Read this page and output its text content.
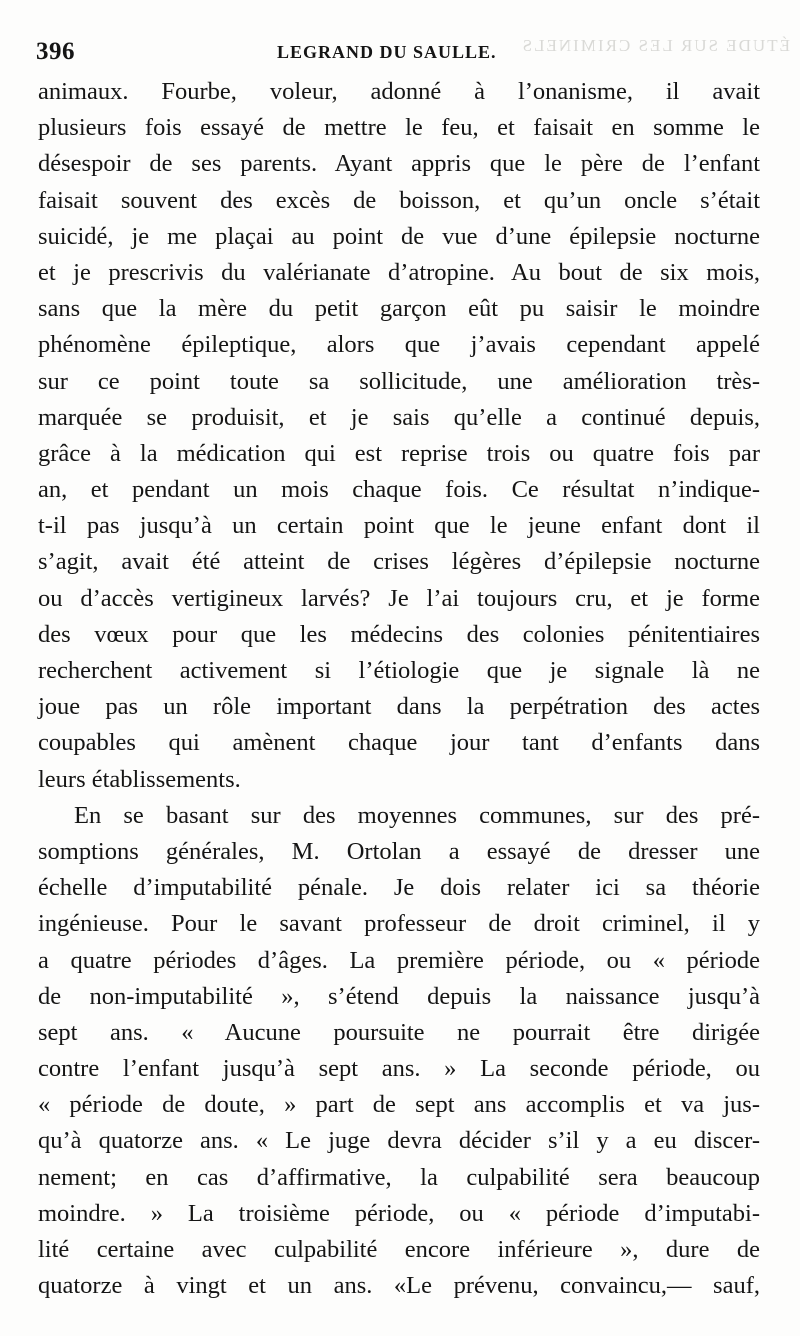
ÉTUDE SUR LES CRIMINELS
396	LEGRAND DU SAULLE.
animaux. Fourbe, voleur, adonné à l’onanisme, il avait
plusieurs fois essayé de mettre le feu, et faisait en somme le
désespoir de ses parents. Ayant appris que le père de l’enfant
faisait souvent des excès de boisson, et qu’un oncle s’était
suicidé, je me plaçai au point de vue d’une épilepsie nocturne
et je prescrivis du valérianate d’atropine. Au bout de six mois,
sans que la mère du petit garçon eût pu saisir le moindre
phénomène épileptique, alors que j’avais cependant appelé
sur ce point toute sa sollicitude, une amélioration très-
marquée se produisit, et je sais qu’elle a continué depuis,
grâce à la médication qui est reprise trois ou quatre fois par
an, et pendant un mois chaque fois. Ce résultat n’indique-
t-il pas jusqu’à un certain point que le jeune enfant dont il
s’agit, avait été atteint de crises légères d’épilepsie nocturne
ou d’accès vertigineux larvés? Je l’ai toujours cru, et je forme
des vœux pour que les médecins des colonies pénitentiaires
recherchent activement si l’étiologie que je signale là ne
joue pas un rôle important dans la perpétration des actes
coupables qui amènent chaque jour tant d’enfants dans
leurs établissements.
En se basant sur des moyennes communes, sur des pré-
somptions générales, M. Ortolan a essayé de dresser une
échelle d’imputabilité pénale. Je dois relater ici sa théorie
ingénieuse. Pour le savant professeur de droit criminel, il y
a quatre périodes d’âges. La première période, ou « période
de non-imputabilité », s’étend depuis la naissance jusqu’à
sept ans. « Aucune poursuite ne pourrait être dirigée
contre l’enfant jusqu’à sept ans. » La seconde période, ou
« période de doute, » part de sept ans accomplis et va jus-
qu’à quatorze ans. « Le juge devra décider s’il y a eu discer-
nement; en cas d’affirmative, la culpabilité sera beaucoup
moindre. » La troisième période, ou « période d’imputabi-
lité certaine avec culpabilité encore inférieure », dure de
quatorze à vingt et un ans. «Le prévenu, convaincu,— sauf,
